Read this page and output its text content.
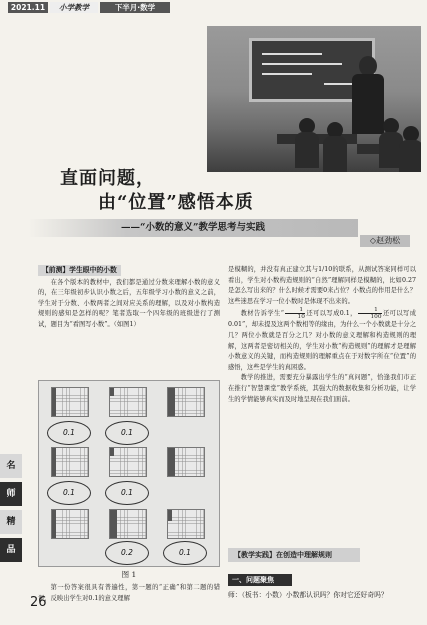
2021.11	小学教学	下半月·数学
直面问题，
由“位置”感悟本质
——“小数的意义”教学思考与实践
◇赵劲松
【前测】学生眼中的小数

在各个版本的教材中，我们都是通过分数来理解小数的意义的，在三年级初步认识小数之后，五年级学习小数的意义之前，学生对于分数、小数两者之间对应关系的理解，以及对小数构造规则的感知是怎样的呢？笔者选取一个四年级的班级进行了测试，题目为“看图写小数”。（如图1）

0.1	0.1
0.1	0.1
0.2	0.1
图 1

第一份答案很具有普遍性，第一题的“正确”和第二题的错误，反映出学生对0.1的意义理解

是模糊的，并没有真正建立其与1/10的联系，从测试答案同样可以看出，学生对小数构造规则的“自然”理解同样是模糊的，比如0.27是怎么写出来的？什么时候才需要0来占位？小数点的作用是什么？这些迷思在学习一位小数时是体现不出来的。

教材告诉学生“ $\frac{1}{10}$ 还可以写成0.1， $\frac{1}{100}$ 还可以写成0.01”，却未提及这两个数相等的缘由，为什么一个小数就是十分之几？两位小数就是百分之几？对小数的意义理解和构造规则的理解，这两者是密切相关的，学生对小数“构造规则”的理解才是理解小数意义的关键，而构造规则的理解重点在于对数字所在“位置”的感悟，这些是学生的真困惑。

教学的推进，需要充分暴露出学生的“真问题”，恰逢我们市正在推行“智慧课堂”教学系统，其强大的数据收集和分析功能，让学生的学情能够真实而及时地呈现在我们面前。

【教学实践】在创造中理解规则
一、问题聚焦
师：（板书：小数）小数都认识吗？你对它还好奇吗？
名
师
精
品
26
